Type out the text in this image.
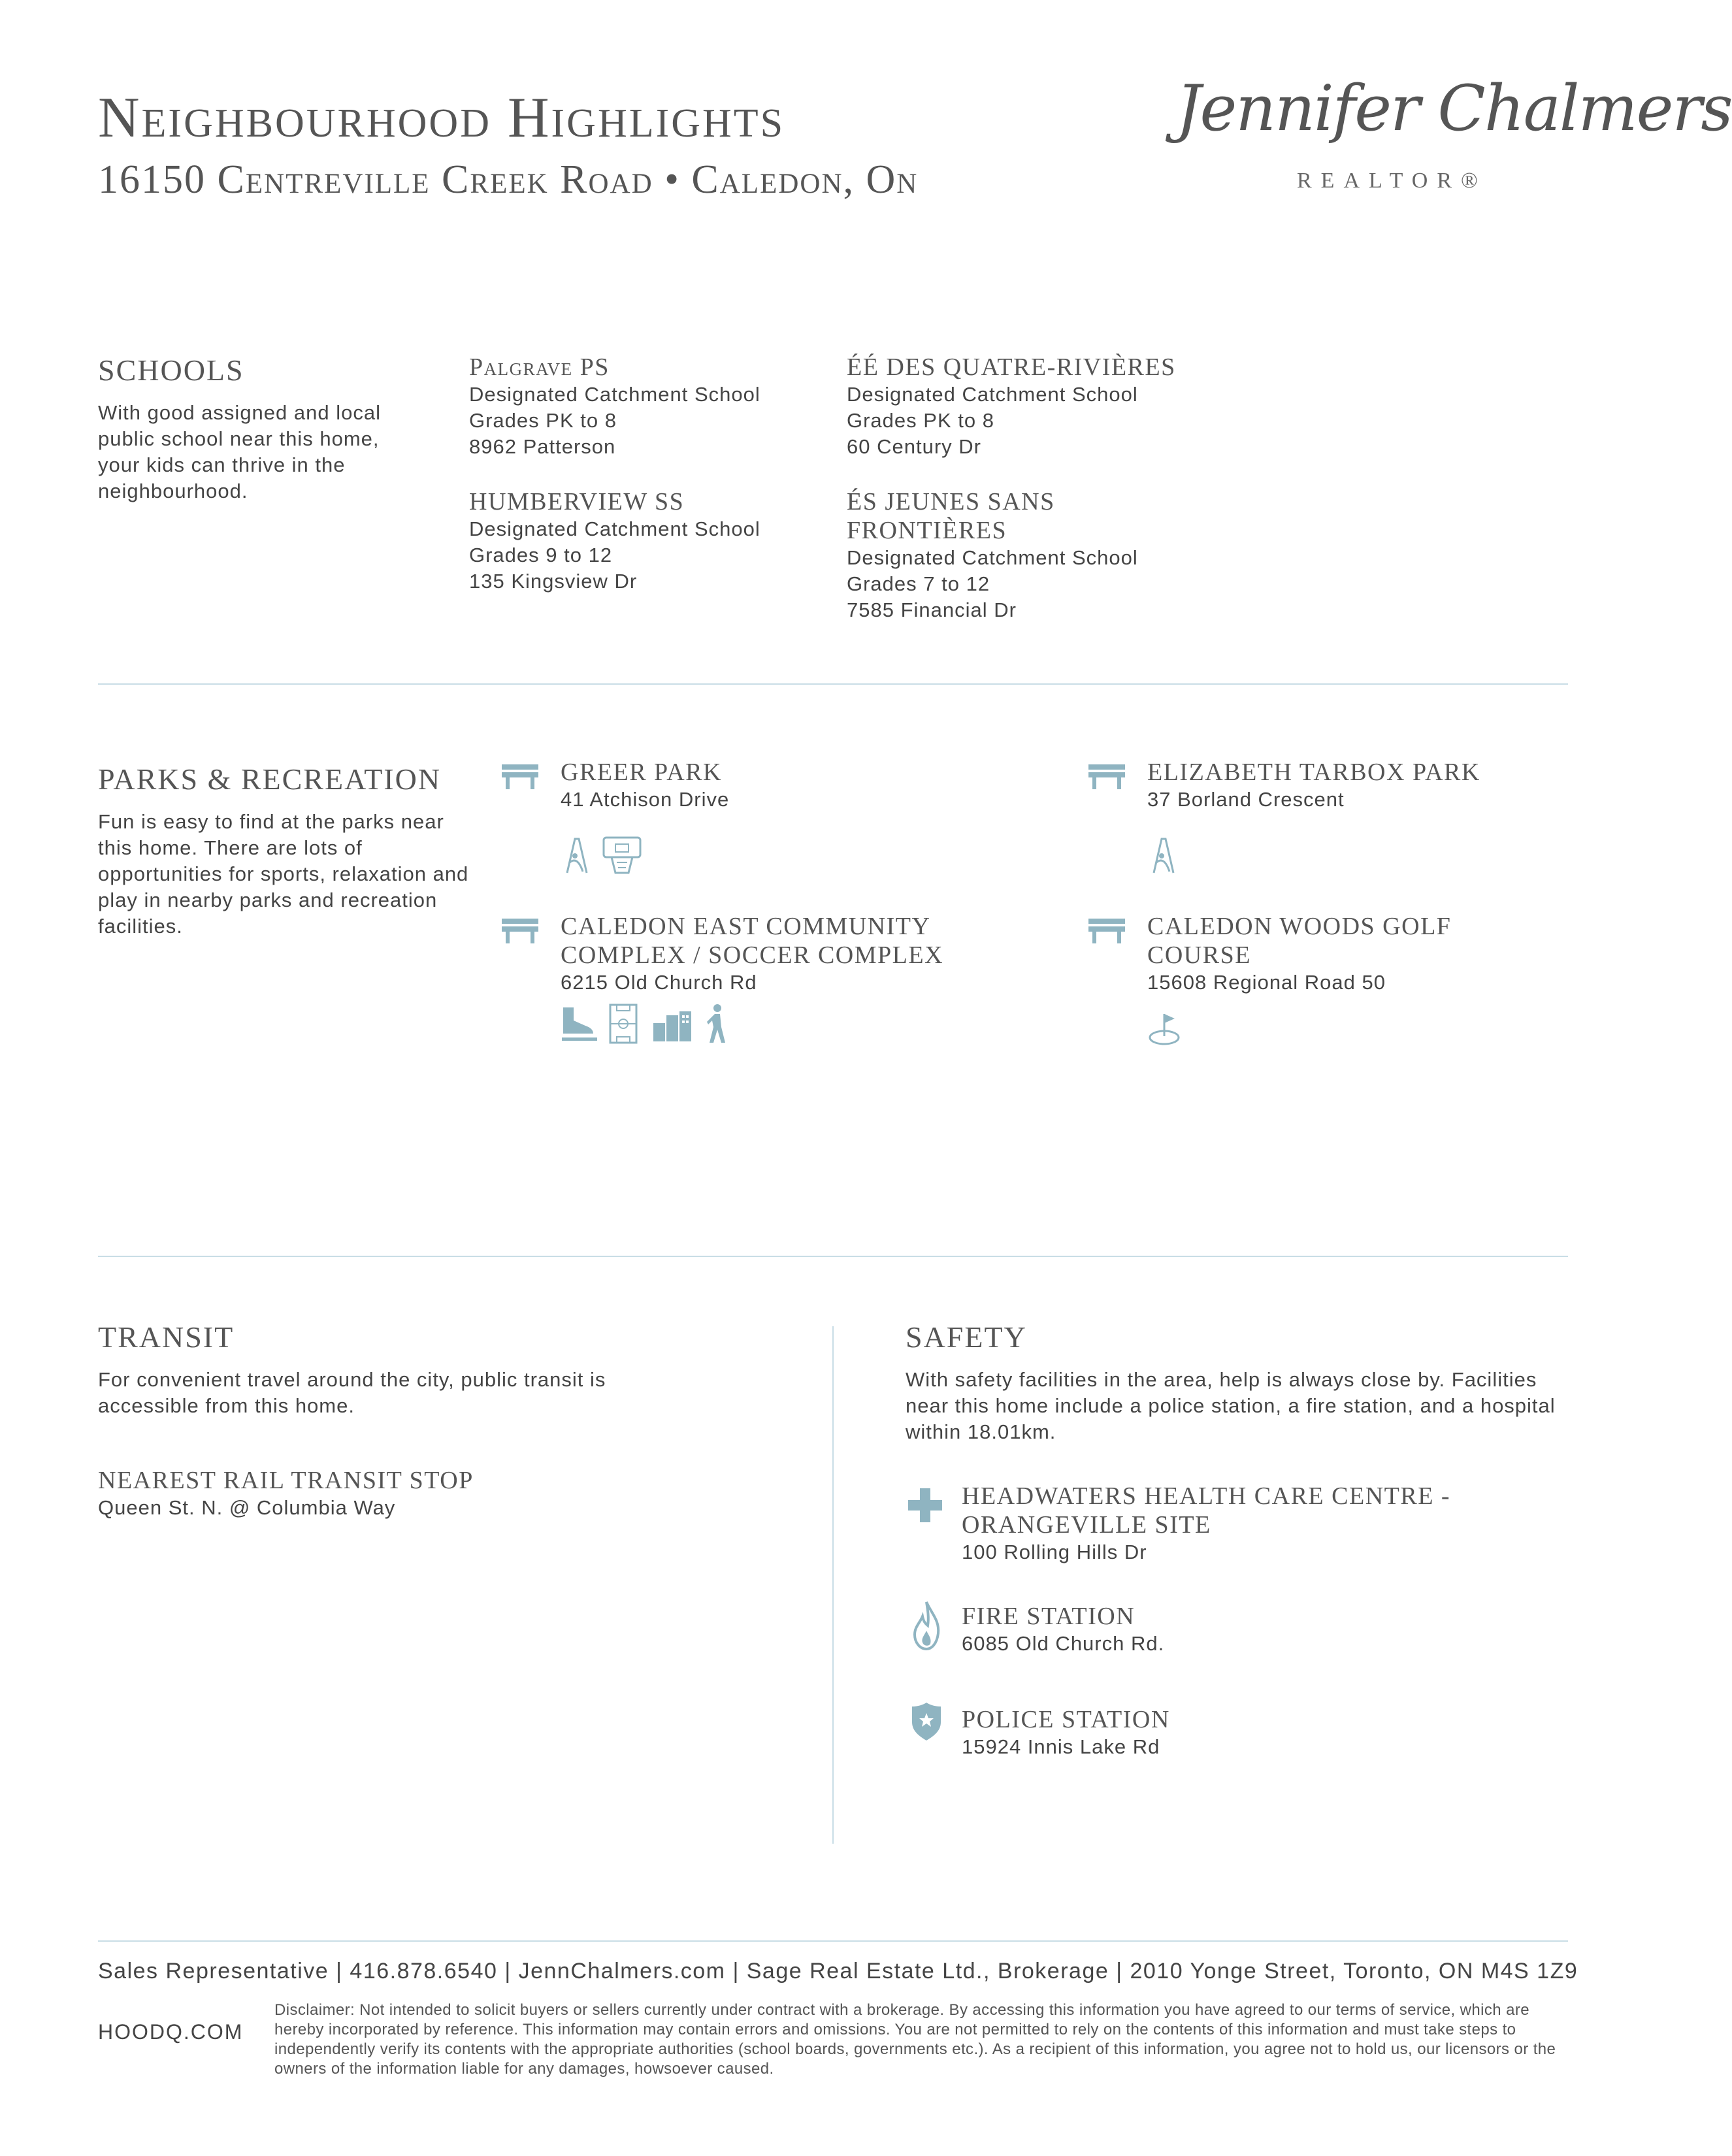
Neighbourhood Highlights
16150 Centreville Creek Road • Caledon, On
Jennifer Chalmers
REALTOR®
SCHOOLS
With good assigned and local public school near this home, your kids can thrive in the neighbourhood.
Palgrave PS
Designated Catchment School
Grades PK to 8
8962 Patterson
ÉÉ DES QUATRE-RIVIÈRES
Designated Catchment School
Grades PK to 8
60 Century Dr
HUMBERVIEW SS
Designated Catchment School
Grades 9 to 12
135 Kingsview Dr
ÉS JEUNES SANS FRONTIÈRES
Designated Catchment School
Grades 7 to 12
7585 Financial Dr
PARKS & RECREATION
Fun is easy to find at the parks near this home. There are lots of opportunities for sports, relaxation and play in nearby parks and recreation facilities.
GREER PARK
41 Atchison Drive
ELIZABETH TARBOX PARK
37 Borland Crescent
CALEDON EAST COMMUNITY COMPLEX / SOCCER COMPLEX
6215 Old Church Rd
CALEDON WOODS GOLF COURSE
15608 Regional Road 50
TRANSIT
For convenient travel around the city, public transit is accessible from this home.
NEAREST RAIL TRANSIT STOP
Queen St. N. @ Columbia Way
SAFETY
With safety facilities in the area, help is always close by. Facilities near this home include a police station, a fire station, and a hospital within 18.01km.
HEADWATERS HEALTH CARE CENTRE - ORANGEVILLE SITE
100 Rolling Hills Dr
FIRE STATION
6085 Old Church Rd.
POLICE STATION
15924 Innis Lake Rd
Sales Representative | 416.878.6540 | JennChalmers.com | Sage Real Estate Ltd., Brokerage | 2010 Yonge Street, Toronto, ON M4S 1Z9
HOODQ.COM
Disclaimer: Not intended to solicit buyers or sellers currently under contract with a brokerage. By accessing this information you have agreed to our terms of service, which are hereby incorporated by reference. This information may contain errors and omissions. You are not permitted to rely on the contents of this information and must take steps to independently verify its contents with the appropriate authorities (school boards, governments etc.). As a recipient of this information, you agree not to hold us, our licensors or the owners of the information liable for any damages, howsoever caused.
